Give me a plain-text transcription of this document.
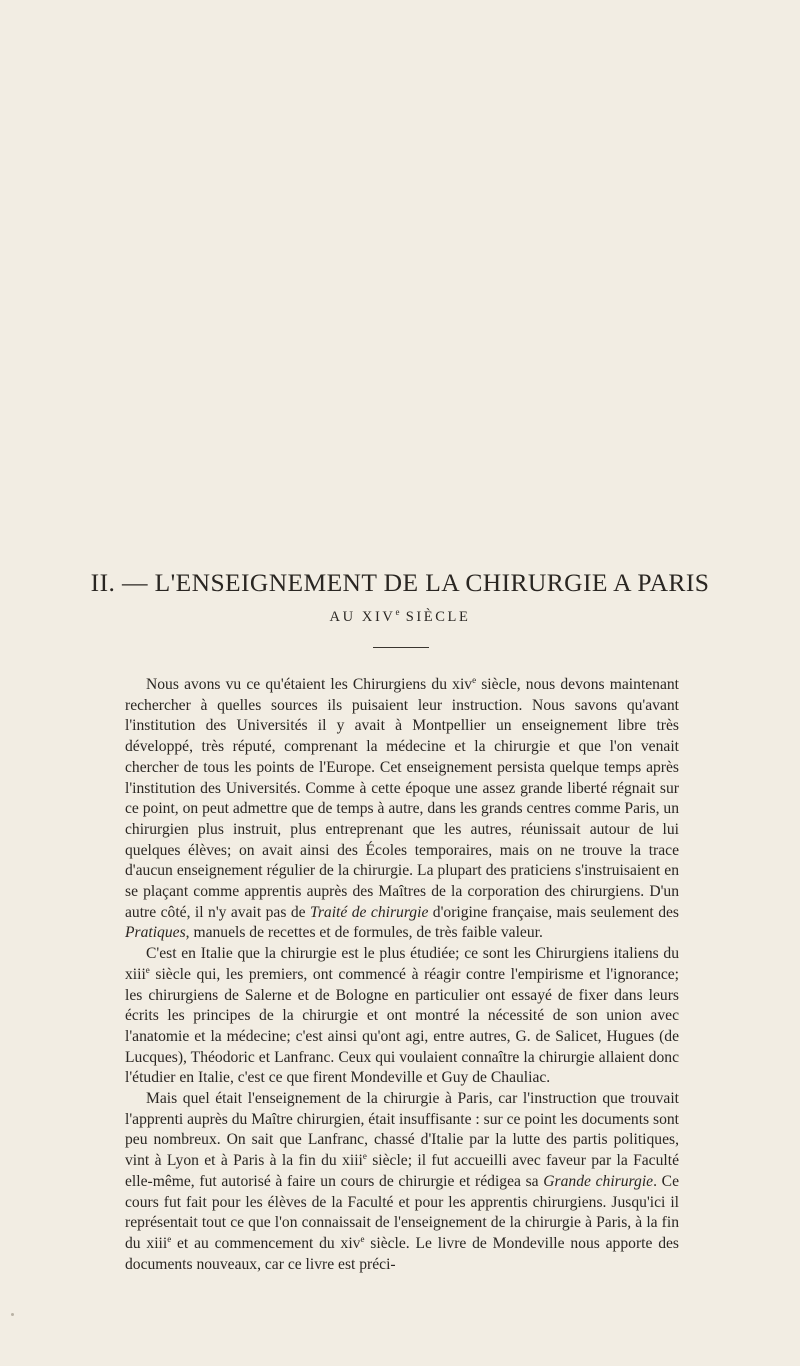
II. — L'ENSEIGNEMENT DE LA CHIRURGIE A PARIS
AU XIVe SIÈCLE

Nous avons vu ce qu'étaient les Chirurgiens du xiv$^e$ siècle, nous devons maintenant rechercher à quelles sources ils puisaient leur instruction. Nous savons qu'avant l'institution des Universités il y avait à Montpellier un enseignement libre très développé, très réputé, comprenant la médecine et la chirurgie et que l'on venait chercher de tous les points de l'Europe. Cet enseignement persista quelque temps après l'institution des Universités. Comme à cette époque une assez grande liberté régnait sur ce point, on peut admettre que de temps à autre, dans les grands centres comme Paris, un chirurgien plus instruit, plus entreprenant que les autres, réunissait autour de lui quelques élèves; on avait ainsi des Écoles temporaires, mais on ne trouve la trace d'aucun enseignement régulier de la chirurgie. La plupart des praticiens s'instruisaient en se plaçant comme apprentis auprès des Maîtres de la corporation des chirurgiens. D'un autre côté, il n'y avait pas de Traité de chirurgie d'origine française, mais seulement des Pratiques, manuels de recettes et de formules, de très faible valeur.

C'est en Italie que la chirurgie est le plus étudiée; ce sont les Chirurgiens italiens du xiii$^e$ siècle qui, les premiers, ont commencé à réagir contre l'empirisme et l'ignorance; les chirurgiens de Salerne et de Bologne en particulier ont essayé de fixer dans leurs écrits les principes de la chirurgie et ont montré la nécessité de son union avec l'anatomie et la médecine; c'est ainsi qu'ont agi, entre autres, G. de Salicet, Hugues (de Lucques), Théodoric et Lanfranc. Ceux qui voulaient connaître la chirurgie allaient donc l'étudier en Italie, c'est ce que firent Mondeville et Guy de Chauliac.

Mais quel était l'enseignement de la chirurgie à Paris, car l'instruction que trouvait l'apprenti auprès du Maître chirurgien, était insuffisante : sur ce point les documents sont peu nombreux. On sait que Lanfranc, chassé d'Italie par la lutte des partis politiques, vint à Lyon et à Paris à la fin du xiii$^e$ siècle; il fut accueilli avec faveur par la Faculté elle-même, fut autorisé à faire un cours de chirurgie et rédigea sa Grande chirurgie. Ce cours fut fait pour les élèves de la Faculté et pour les apprentis chirurgiens. Jusqu'ici il représentait tout ce que l'on connaissait de l'enseignement de la chirurgie à Paris, à la fin du xiii$^e$ et au commencement du xiv$^e$ siècle. Le livre de Mondeville nous apporte des documents nouveaux, car ce livre est préci-
